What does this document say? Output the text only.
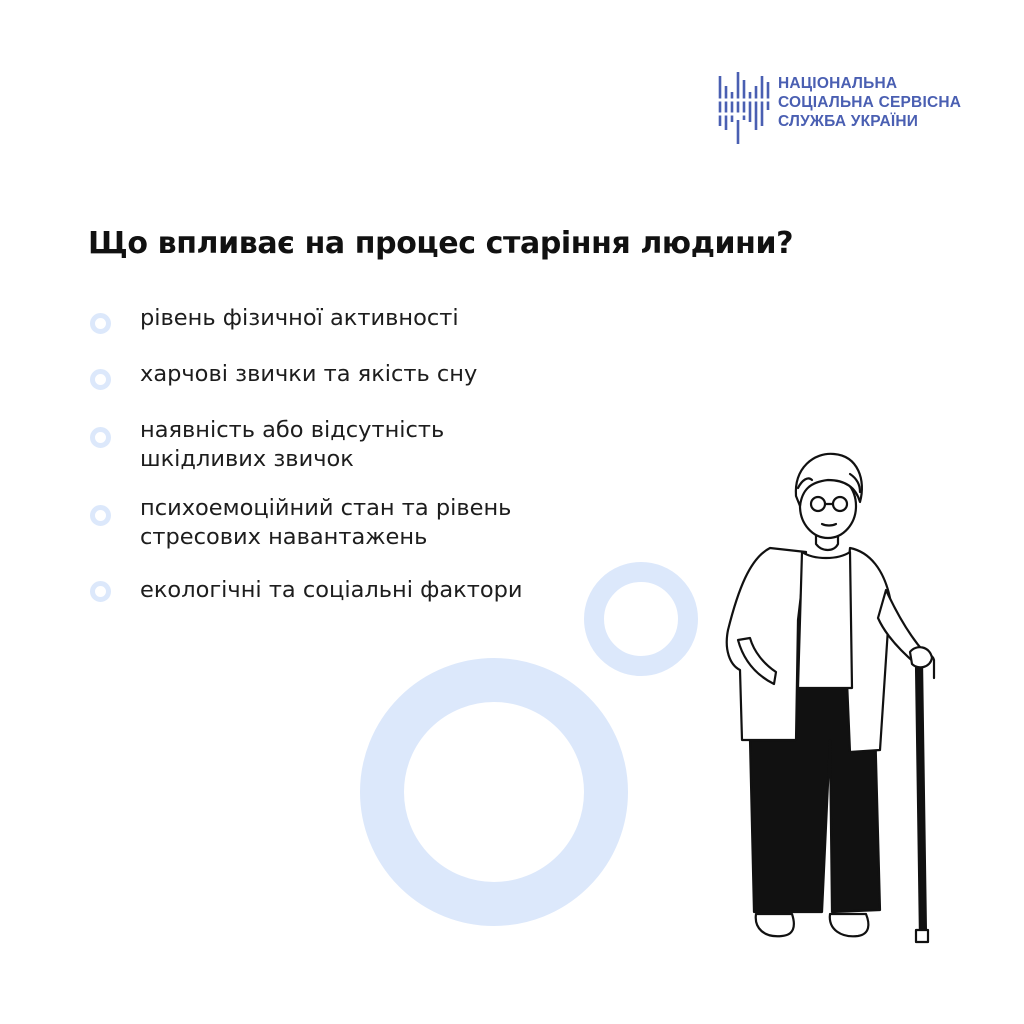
НАЦІОНАЛЬНА
СОЦІАЛЬНА СЕРВІСНА
СЛУЖБА УКРАЇНИ
Що впливає на процес старіння людини?
рівень фізичної активності
харчові звички та якість сну
наявність або відсутність
шкідливих звичок
психоемоційний стан та рівень
стресових навантажень
екологічні та соціальні фактори
